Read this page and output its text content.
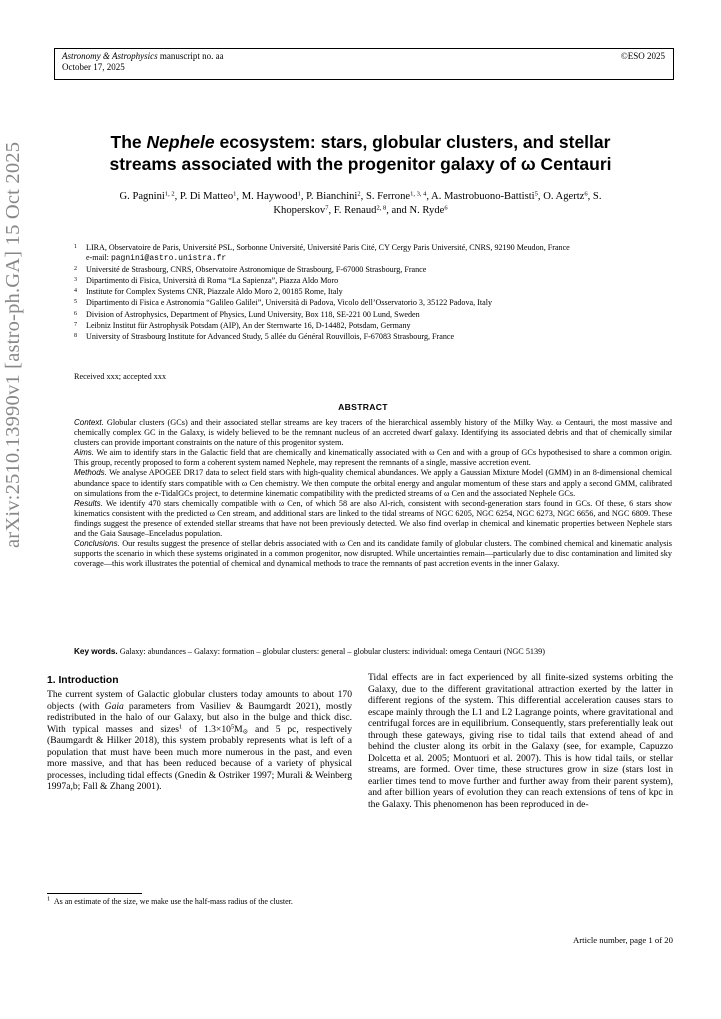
Astronomy & Astrophysics manuscript no. aa
October 17, 2025
©ESO 2025
arXiv:2510.13990v1 [astro-ph.GA] 15 Oct 2025	The Nephele ecosystem: stars, globular clusters, and stellar
streams associated with the progenitor galaxy of ω Centauri
G. Pagnini$^{1, 2}$, P. Di Matteo$^1$, M. Haywood$^1$, P. Bianchini$^2$, S. Ferrone$^{1, 3, 4}$, A. Mastrobuono-Battisti$^5$, O. Agertz$^6$, S.
Khoperskov$^7$, F. Renaud$^{2, 8}$, and N. Ryde$^6$
1 LIRA, Observatoire de Paris, Université PSL, Sorbonne Université, Université Paris Cité, CY Cergy Paris Université, CNRS, 92190 Meudon, France
e-mail: pagnini@astro.unistra.fr
2 Université de Strasbourg, CNRS, Observatoire Astronomique de Strasbourg, F-67000 Strasbourg, France
3 Dipartimento di Fisica, Università di Roma “La Sapienza”, Piazza Aldo Moro
4 Institute for Complex Systems CNR, Piazzale Aldo Moro 2, 00185 Rome, Italy
5 Dipartimento di Fisica e Astronomia “Galileo Galilei”, Università di Padova, Vicolo dell’Osservatorio 3, 35122 Padova, Italy
6 Division of Astrophysics, Department of Physics, Lund University, Box 118, SE-221 00 Lund, Sweden
7 Leibniz Institut für Astrophysik Potsdam (AIP), An der Sternwarte 16, D-14482, Potsdam, Germany
8 University of Strasbourg Institute for Advanced Study, 5 allée du Général Rouvillois, F-67083 Strasbourg, France
Received xxx; accepted xxx
ABSTRACT

Context. Globular clusters (GCs) and their associated stellar streams are key tracers of the hierarchical assembly history of the Milky Way. ω Centauri, the most massive and chemically complex GC in the Galaxy, is widely believed to be the remnant nucleus of an accreted dwarf galaxy. Identifying its associated debris and that of chemically similar clusters can provide important constraints on the nature of this progenitor system.

Aims. We aim to identify stars in the Galactic field that are chemically and kinematically associated with ω Cen and with a group of GCs hypothesised to share a common origin. This group, recently proposed to form a coherent system named Nephele, may represent the remnants of a single, massive accretion event.

Methods. We analyse APOGEE DR17 data to select field stars with high-quality chemical abundances. We apply a Gaussian Mixture Model (GMM) in an 8-dimensional chemical abundance space to identify stars compatible with ω Cen chemistry. We then compute the orbital energy and angular momentum of these stars and apply a second GMM, calibrated on simulations from the e-TidalGCs project, to determine kinematic compatibility with the predicted streams of ω Cen and the associated Nephele GCs.

Results. We identify 470 stars chemically compatible with ω Cen, of which 58 are also Al-rich, consistent with second-generation stars found in GCs. Of these, 6 stars show kinematics consistent with the predicted ω Cen stream, and additional stars are linked to the tidal streams of NGC 6205, NGC 6254, NGC 6273, NGC 6656, and NGC 6809. These findings suggest the presence of extended stellar streams that have not been previously detected. We also find overlap in chemical and kinematic properties between Nephele stars and the Gaia Sausage–Enceladus population.

Conclusions. Our results suggest the presence of stellar debris associated with ω Cen and its candidate family of globular clusters. The combined chemical and kinematic analysis supports the scenario in which these systems originated in a common progenitor, now disrupted. While uncertainties remain—particularly due to disc contamination and limited sky coverage—this work illustrates the potential of chemical and dynamical methods to trace the remnants of past accretion events in the inner Galaxy.

Key words. Galaxy: abundances – Galaxy: formation – globular clusters: general – globular clusters: individual: omega Centauri (NGC 5139)
1. Introduction

The current system of Galactic globular clusters today amounts to about 170 objects (with Gaia parameters from Vasiliev & Baumgardt 2021), mostly redistributed in the halo of our Galaxy, but also in the bulge and thick disc. With typical masses and sizes$^1$ of $1.3\times 10^5M_⊙$ and 5 pc, respectively (Baumgardt & Hilker 2018), this system probably represents what is left of a population that must have been much more numerous in the past, and even more massive, and that has been reduced because of a variety of physical processes, including tidal effects (Gnedin & Ostriker 1997; Murali & Weinberg 1997a,b; Fall & Zhang 2001).

Tidal effects are in fact experienced by all finite-sized systems orbiting the Galaxy, due to the different gravitational attraction exerted by the latter in different regions of the system. This differential acceleration causes stars to escape mainly through the L1 and L2 Lagrange points, where gravitational and centrifugal forces are in equilibrium. Consequently, stars preferentially leak out through these gateways, giving rise to tidal tails that extend ahead of and behind the cluster along its orbit in the Galaxy (see, for example, Capuzzo Dolcetta et al. 2005; Montuori et al. 2007). This is how tidal tails, or stellar streams, are formed. Over time, these structures grow in size (stars lost in earlier times tend to move further and further away from their parent system), and after billion years of evolution they can reach extensions of tens of kpc in the Galaxy. This phenomenon has been reproduced in de-

$^1$ As an estimate of the size, we make use the half-mass radius of the cluster.
Article number, page 1 of 20
